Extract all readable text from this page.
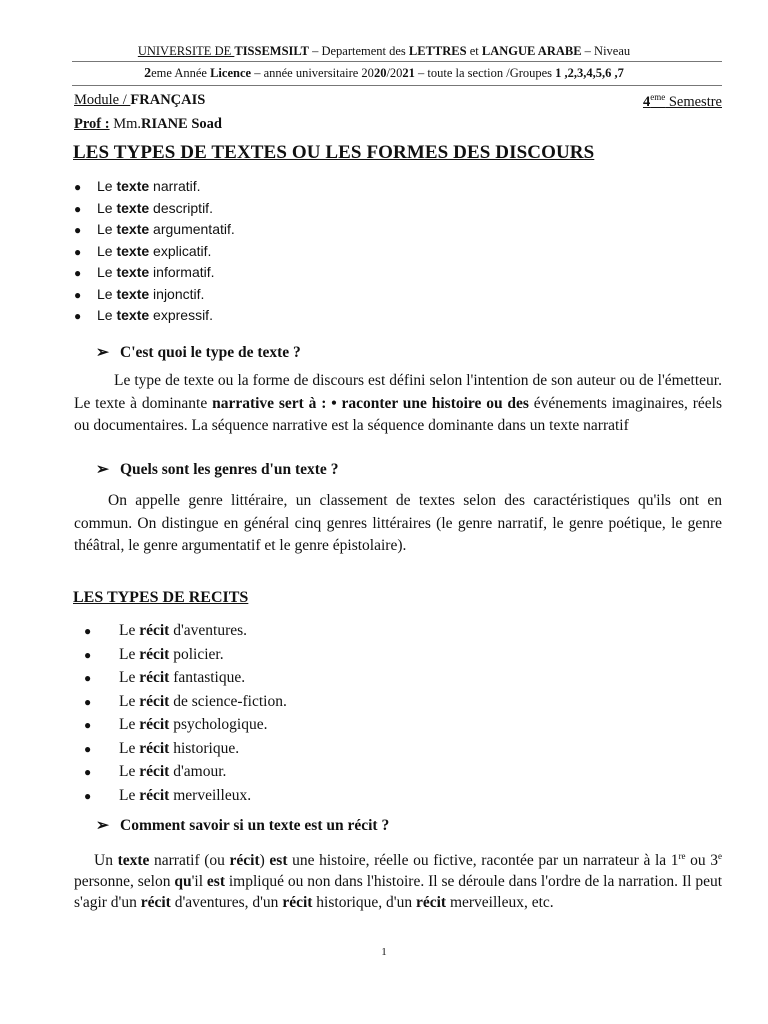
UNIVERSITE DE TISSEMSILT – Departement des LETTRES et LANGUE ARABE – Niveau
2eme Année Licence – année universitaire 2020/2021 – toute la section /Groupes 1 ,2,3,4,5,6 ,7
Module / FRANÇAIS	4eme Semestre
Prof : Mm.RIANE Soad
LES TYPES DE TEXTES OU LES FORMES DES DISCOURS
● Le texte narratif.
● Le texte descriptif.
● Le texte argumentatif.
● Le texte explicatif.
● Le texte informatif.
● Le texte injonctif.
● Le texte expressif.
➢ C'est quoi le type de texte ?
Le type de texte ou la forme de discours est défini selon l'intention de son auteur ou de l'émetteur. Le texte à dominante narrative sert à : • raconter une histoire ou des événements imaginaires, réels ou documentaires. La séquence narrative est la séquence dominante dans un texte narratif
➢ Quels sont les genres d'un texte ?
On appelle genre littéraire, un classement de textes selon des caractéristiques qu'ils ont en commun. On distingue en général cinq genres littéraires (le genre narratif, le genre poétique, le genre théâtral, le genre argumentatif et le genre épistolaire).
LES TYPES DE RECITS
● Le récit d'aventures.
● Le récit policier.
● Le récit fantastique.
● Le récit de science-fiction.
● Le récit psychologique.
● Le récit historique.
● Le récit d'amour.
● Le récit merveilleux.
➢ Comment savoir si un texte est un récit ?
Un texte narratif (ou récit) est une histoire, réelle ou fictive, racontée par un narrateur à la 1re ou 3e personne, selon qu'il est impliqué ou non dans l'histoire. Il se déroule dans l'ordre de la narration. Il peut s'agir d'un récit d'aventures, d'un récit historique, d'un récit merveilleux, etc.
1
